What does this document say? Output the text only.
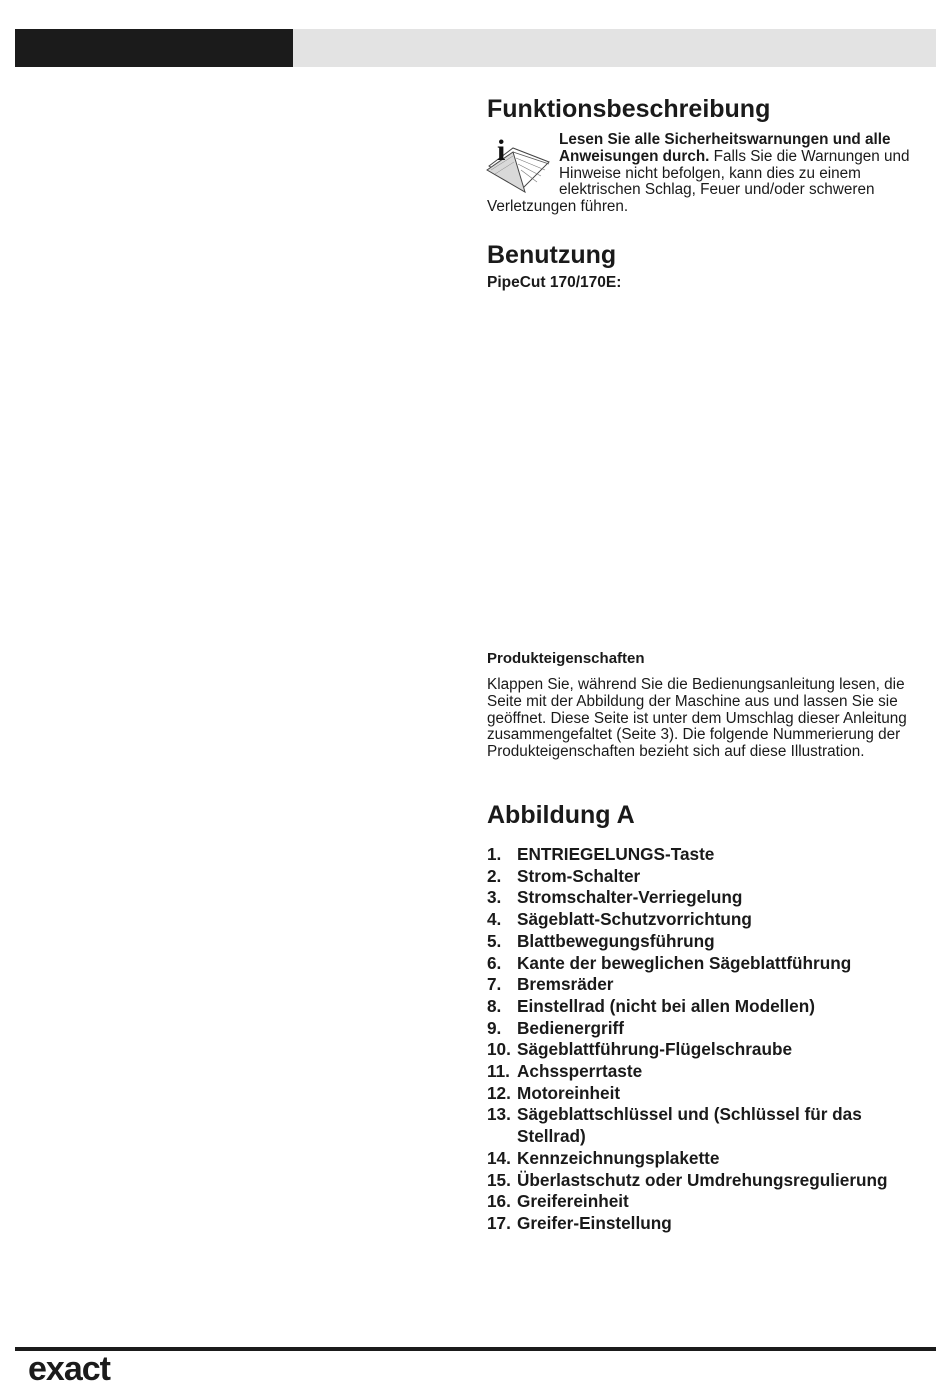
Funktionsbeschreibung
i	Lesen Sie alle Sicherheitswarnungen und alle Anweisungen durch. Falls Sie die Warnungen und Hinweise nicht befolgen, kann dies zu einem elektrischen Schlag, Feuer und/oder schweren Verletzungen führen.
Benutzung
PipeCut 170/170E:
Produkteigenschaften
Klappen Sie, während Sie die Bedienungsanleitung lesen, die Seite mit der Abbildung der Maschine aus und lassen Sie sie geöffnet. Diese Seite ist unter dem Umschlag dieser Anleitung zusammengefaltet (Seite 3). Die folgende Nummerierung der Produkteigenschaften bezieht sich auf diese Illustration.
Abbildung A
1. ENTRIEGELUNGS-Taste
2. Strom-Schalter
3. Stromschalter-Verriegelung
4. Sägeblatt-Schutzvorrichtung
5. Blattbewegungsführung
6. Kante der beweglichen Sägeblattführung
7. Bremsräder
8. Einstellrad (nicht bei allen Modellen)
9. Bedienergriff
10. Sägeblattführung-Flügelschraube
11. Achssperrtaste
12. Motoreinheit
13. Sägeblattschlüssel und (Schlüssel für das Stellrad)
14. Kennzeichnungsplakette
15. Überlastschutz oder Umdrehungsregulierung
16. Greifereinheit
17. Greifer-Einstellung
exact
